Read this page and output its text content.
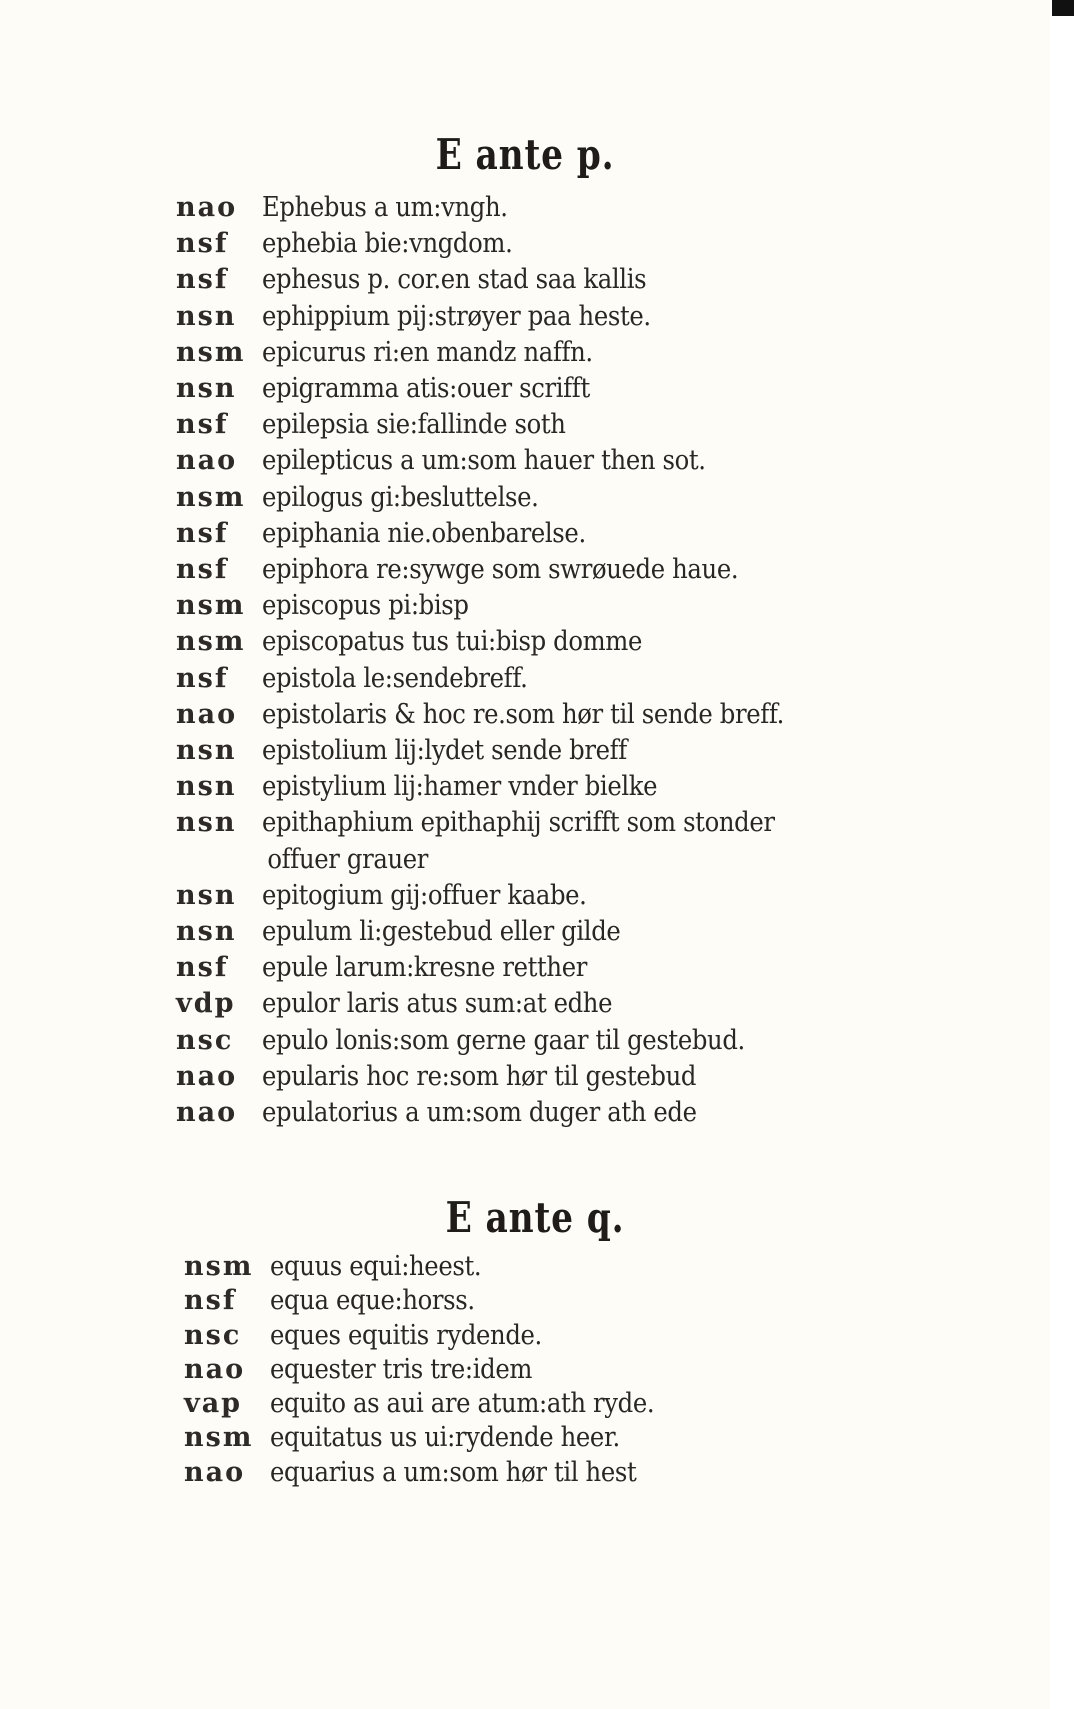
E ante p.
nao Ephebus a um:vngh.
nsf	ephebia bie:vngdom.
nsf	ephesus p. cor.en stad saa kallis
nsn ephippium pij:strøyer paa heste.
nsm epicurus ri:en mandz naffn.
nsn epigramma atis:ouer scrifft
nsf	epilepsia sie:fallinde soth
nao epilepticus a um:som hauer then sot.
nsm epilogus gi:besluttelse.
nsf	epiphania nie.obenbarelse.
nsf	epiphora re:sywge som swrøuede haue.
nsm episcopus pi:bisp
nsm episcopatus tus tui:bisp domme
nsf	epistola le:sendebreff.
nao epistolaris & hoc re.som hør til sende breff.
nsn epistolium lij:lydet sende breff
nsn epistylium lij:hamer vnder bielke
nsn epithaphium epithaphij scrifft som stonder
offuer grauer
nsn epitogium gij:offuer kaabe.
nsn epulum li:gestebud eller gilde
nsf	epule larum:kresne retther
vdp epulor laris atus sum:at edhe
nsc	epulo lonis:som gerne gaar til gestebud.
nao epularis hoc re:som hør til gestebud
nao epulatorius a um:som duger ath ede
E ante q.
nsm equus equi:heest.
nsf	equa eque:horss.
nsc	eques equitis rydende.
nao equester tris tre:idem
vap	equito as aui are atum:ath ryde.
nsm equitatus us ui:rydende heer.
nao equarius a um:som hør til hest
